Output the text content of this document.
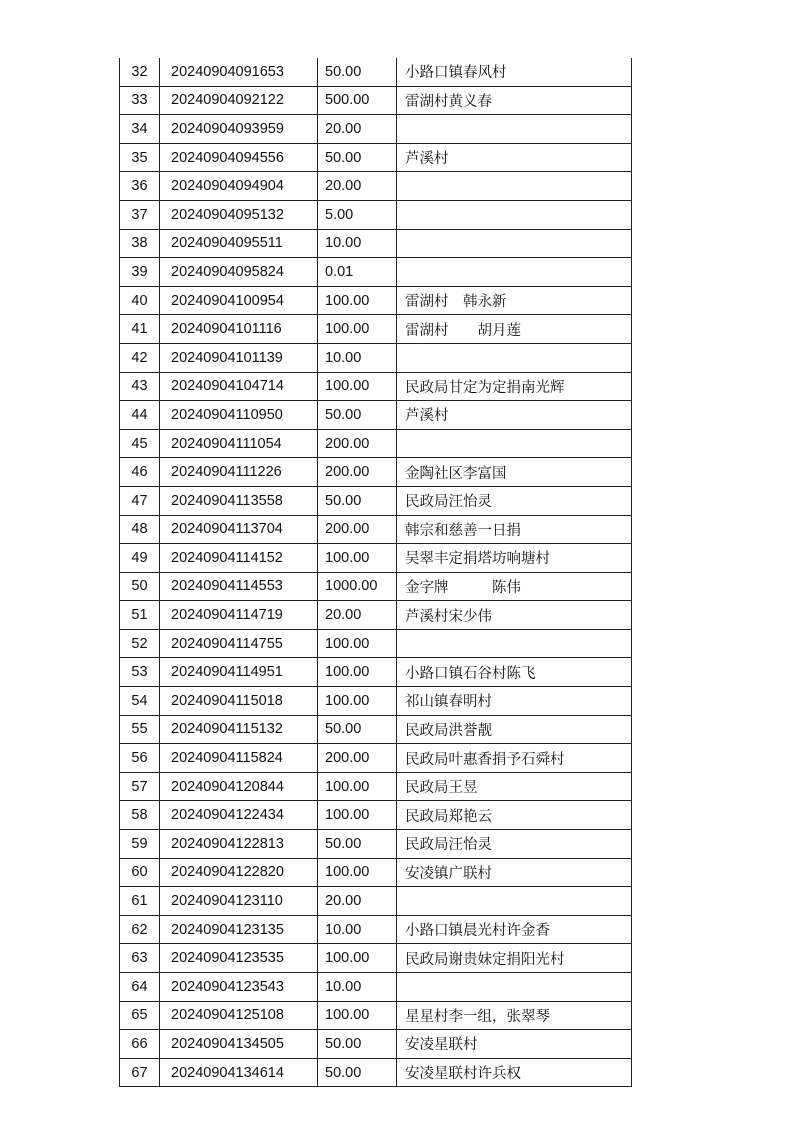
32	20240904091653	50.00	小路口镇春风村
33	20240904092122	500.00	雷湖村黄义春
34	20240904093959	20.00	
35	20240904094556	50.00	芦溪村
36	20240904094904	20.00	
37	20240904095132	5.00	
38	20240904095511	10.00	
39	20240904095824	0.01	
40	20240904100954	100.00	雷湖村　韩永新
41	20240904101116	100.00	雷湖村　　胡月莲
42	20240904101139	10.00	
43	20240904104714	100.00	民政局甘定为定捐南光辉
44	20240904110950	50.00	芦溪村
45	20240904111054	200.00	
46	20240904111226	200.00	金陶社区李富国
47	20240904113558	50.00	民政局汪怡灵
48	20240904113704	200.00	韩宗和慈善一日捐
49	20240904114152	100.00	吴翠丰定捐塔坊响塘村
50	20240904114553	1000.00	金字牌　　　陈伟
51	20240904114719	20.00	芦溪村宋少伟
52	20240904114755	100.00	
53	20240904114951	100.00	小路口镇石谷村陈飞
54	20240904115018	100.00	祁山镇春明村
55	20240904115132	50.00	民政局洪誉靓
56	20240904115824	200.00	民政局叶惠香捐予石舜村
57	20240904120844	100.00	民政局王昱
58	20240904122434	100.00	民政局郑艳云
59	20240904122813	50.00	民政局汪怡灵
60	20240904122820	100.00	安凌镇广联村
61	20240904123110	20.00	
62	20240904123135	10.00	小路口镇晨光村许金香
63	20240904123535	100.00	民政局谢贵妹定捐阳光村
64	20240904123543	10.00	
65	20240904125108	100.00	星星村李一组，张翠琴
66	20240904134505	50.00	安凌星联村
67	20240904134614	50.00	安凌星联村许兵权
